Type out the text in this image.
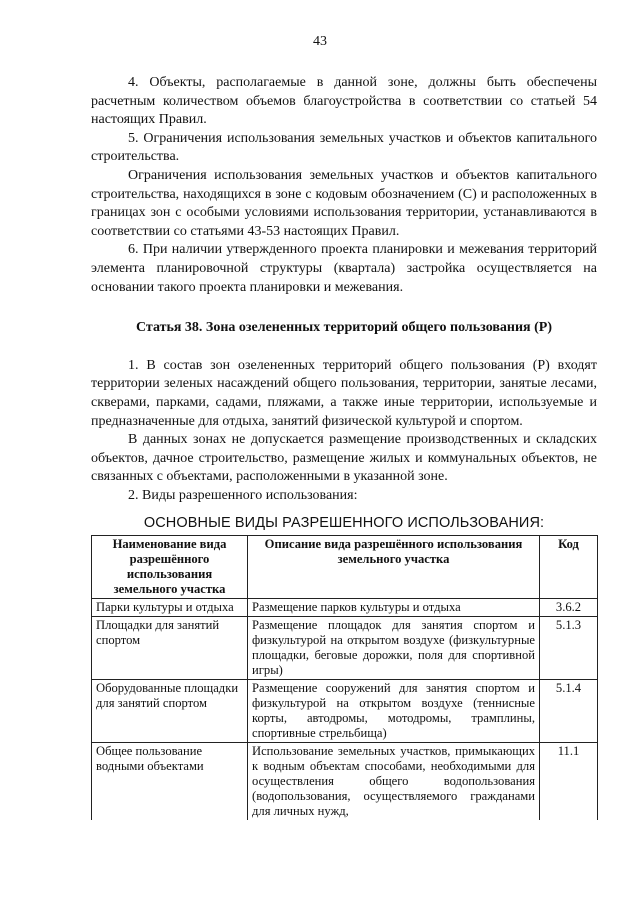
43

4. Объекты, располагаемые в данной зоне, должны быть обеспечены расчетным количеством объемов благоустройства в соответствии со статьей 54 настоящих Правил.

5. Ограничения использования земельных участков и объектов капитального строительства.

Ограничения использования земельных участков и объектов капитального строительства, находящихся в зоне с кодовым обозначением (С) и расположенных в границах зон с особыми условиями использования территории, устанавливаются в соответствии со статьями 43-53 настоящих Правил.

6. При наличии утвержденного проекта планировки и межевания территорий элемента планировочной структуры (квартала) застройка осуществляется на основании такого проекта планировки и межевания.

Статья 38. Зона озелененных территорий общего пользования (Р)

1. В состав зон озелененных территорий общего пользования (Р) входят территории зеленых насаждений общего пользования, территории, занятые лесами, скверами, парками, садами, пляжами, а также иные территории, используемые и предназначенные для отдыха, занятий физической культурой и спортом.

В данных зонах не допускается размещение производственных и складских объектов, дачное строительство, размещение жилых и коммунальных объектов, не связанных с объектами, расположенными в указанной зоне.

2. Виды разрешенного использования:

ОСНОВНЫЕ ВИДЫ РАЗРЕШЕННОГО ИСПОЛЬЗОВАНИЯ:
Наименование вида разрешённого использования земельного участка	Описание вида разрешённого использования земельного участка	Код
Парки культуры и отдыха	Размещение парков культуры и отдыха	3.6.2
Площадки для занятий спортом	Размещение площадок для занятия спортом и физкультурой на открытом воздухе (физкультурные площадки, беговые дорожки, поля для спортивной игры)	5.1.3
Оборудованные площадки для занятий спортом	Размещение сооружений для занятия спортом и физкультурой на открытом воздухе (теннисные корты, автодромы, мотодромы, трамплины, спортивные стрельбища)	5.1.4
Общее пользование водными объектами	Использование земельных участков, примыкающих к водным объектам способами, необходимыми для осуществления общего водопользования (водопользования, осуществляемого гражданами для личных нужд,	11.1
